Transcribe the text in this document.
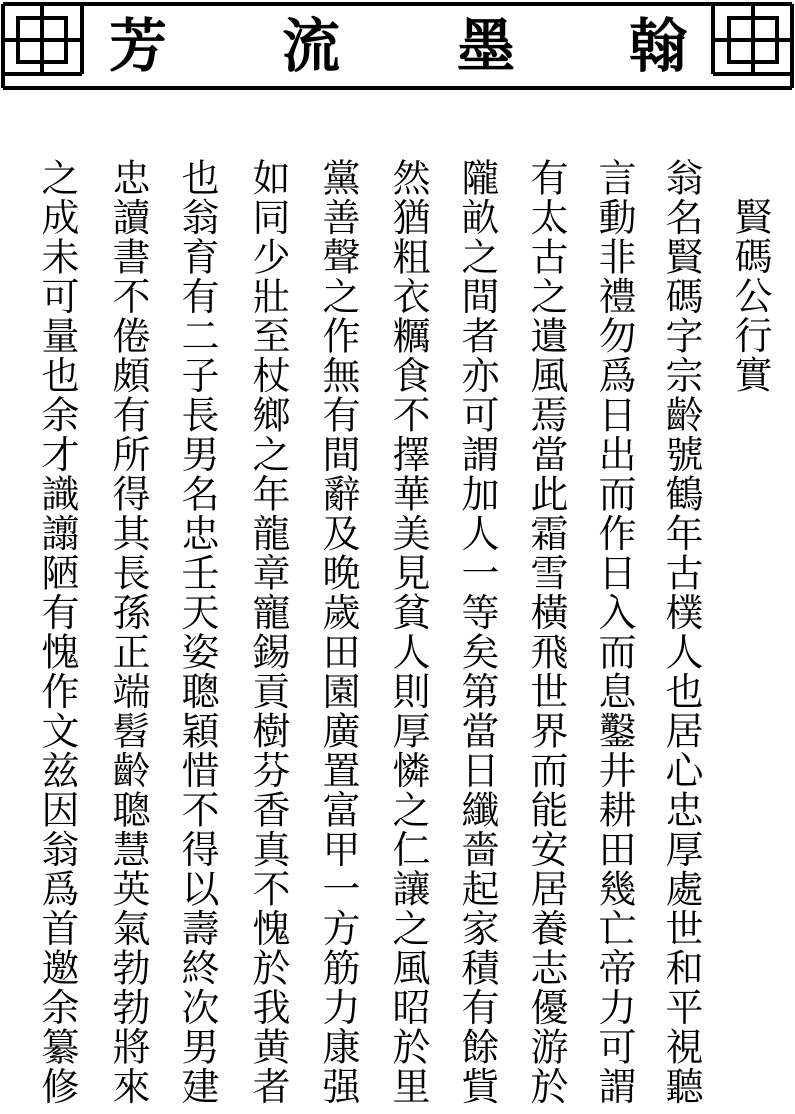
芳 流 墨 翰
賢碼公行實
翁名賢碼字宗齡號鶴年古樸人也居心忠厚處世和平視聽
言動非禮勿爲日出而作日入而息鑿井耕田幾亡帝力可謂
有太古之遺風焉當此霜雪橫飛世界而能安居養志優游於
隴畝之間者亦可謂加人一等矣第當日纖嗇起家積有餘貲
然猶粗衣糲食不擇華美見貧人則厚憐之仁讓之風昭於里
黨善聲之作無有間辭及晚歲田園廣置富甲一方筋力康强
如同少壯至杖鄉之年龍章寵錫貢樹芬香真不愧於我黄者
也翁育有二子長男名忠壬天姿聰穎惜不得以壽終次男建
忠讀書不倦頗有所得其長孫正端髫齡聰慧英氣勃勃將來
之成未可量也余才識譾陋有愧作文兹因翁爲首邀余纂修
